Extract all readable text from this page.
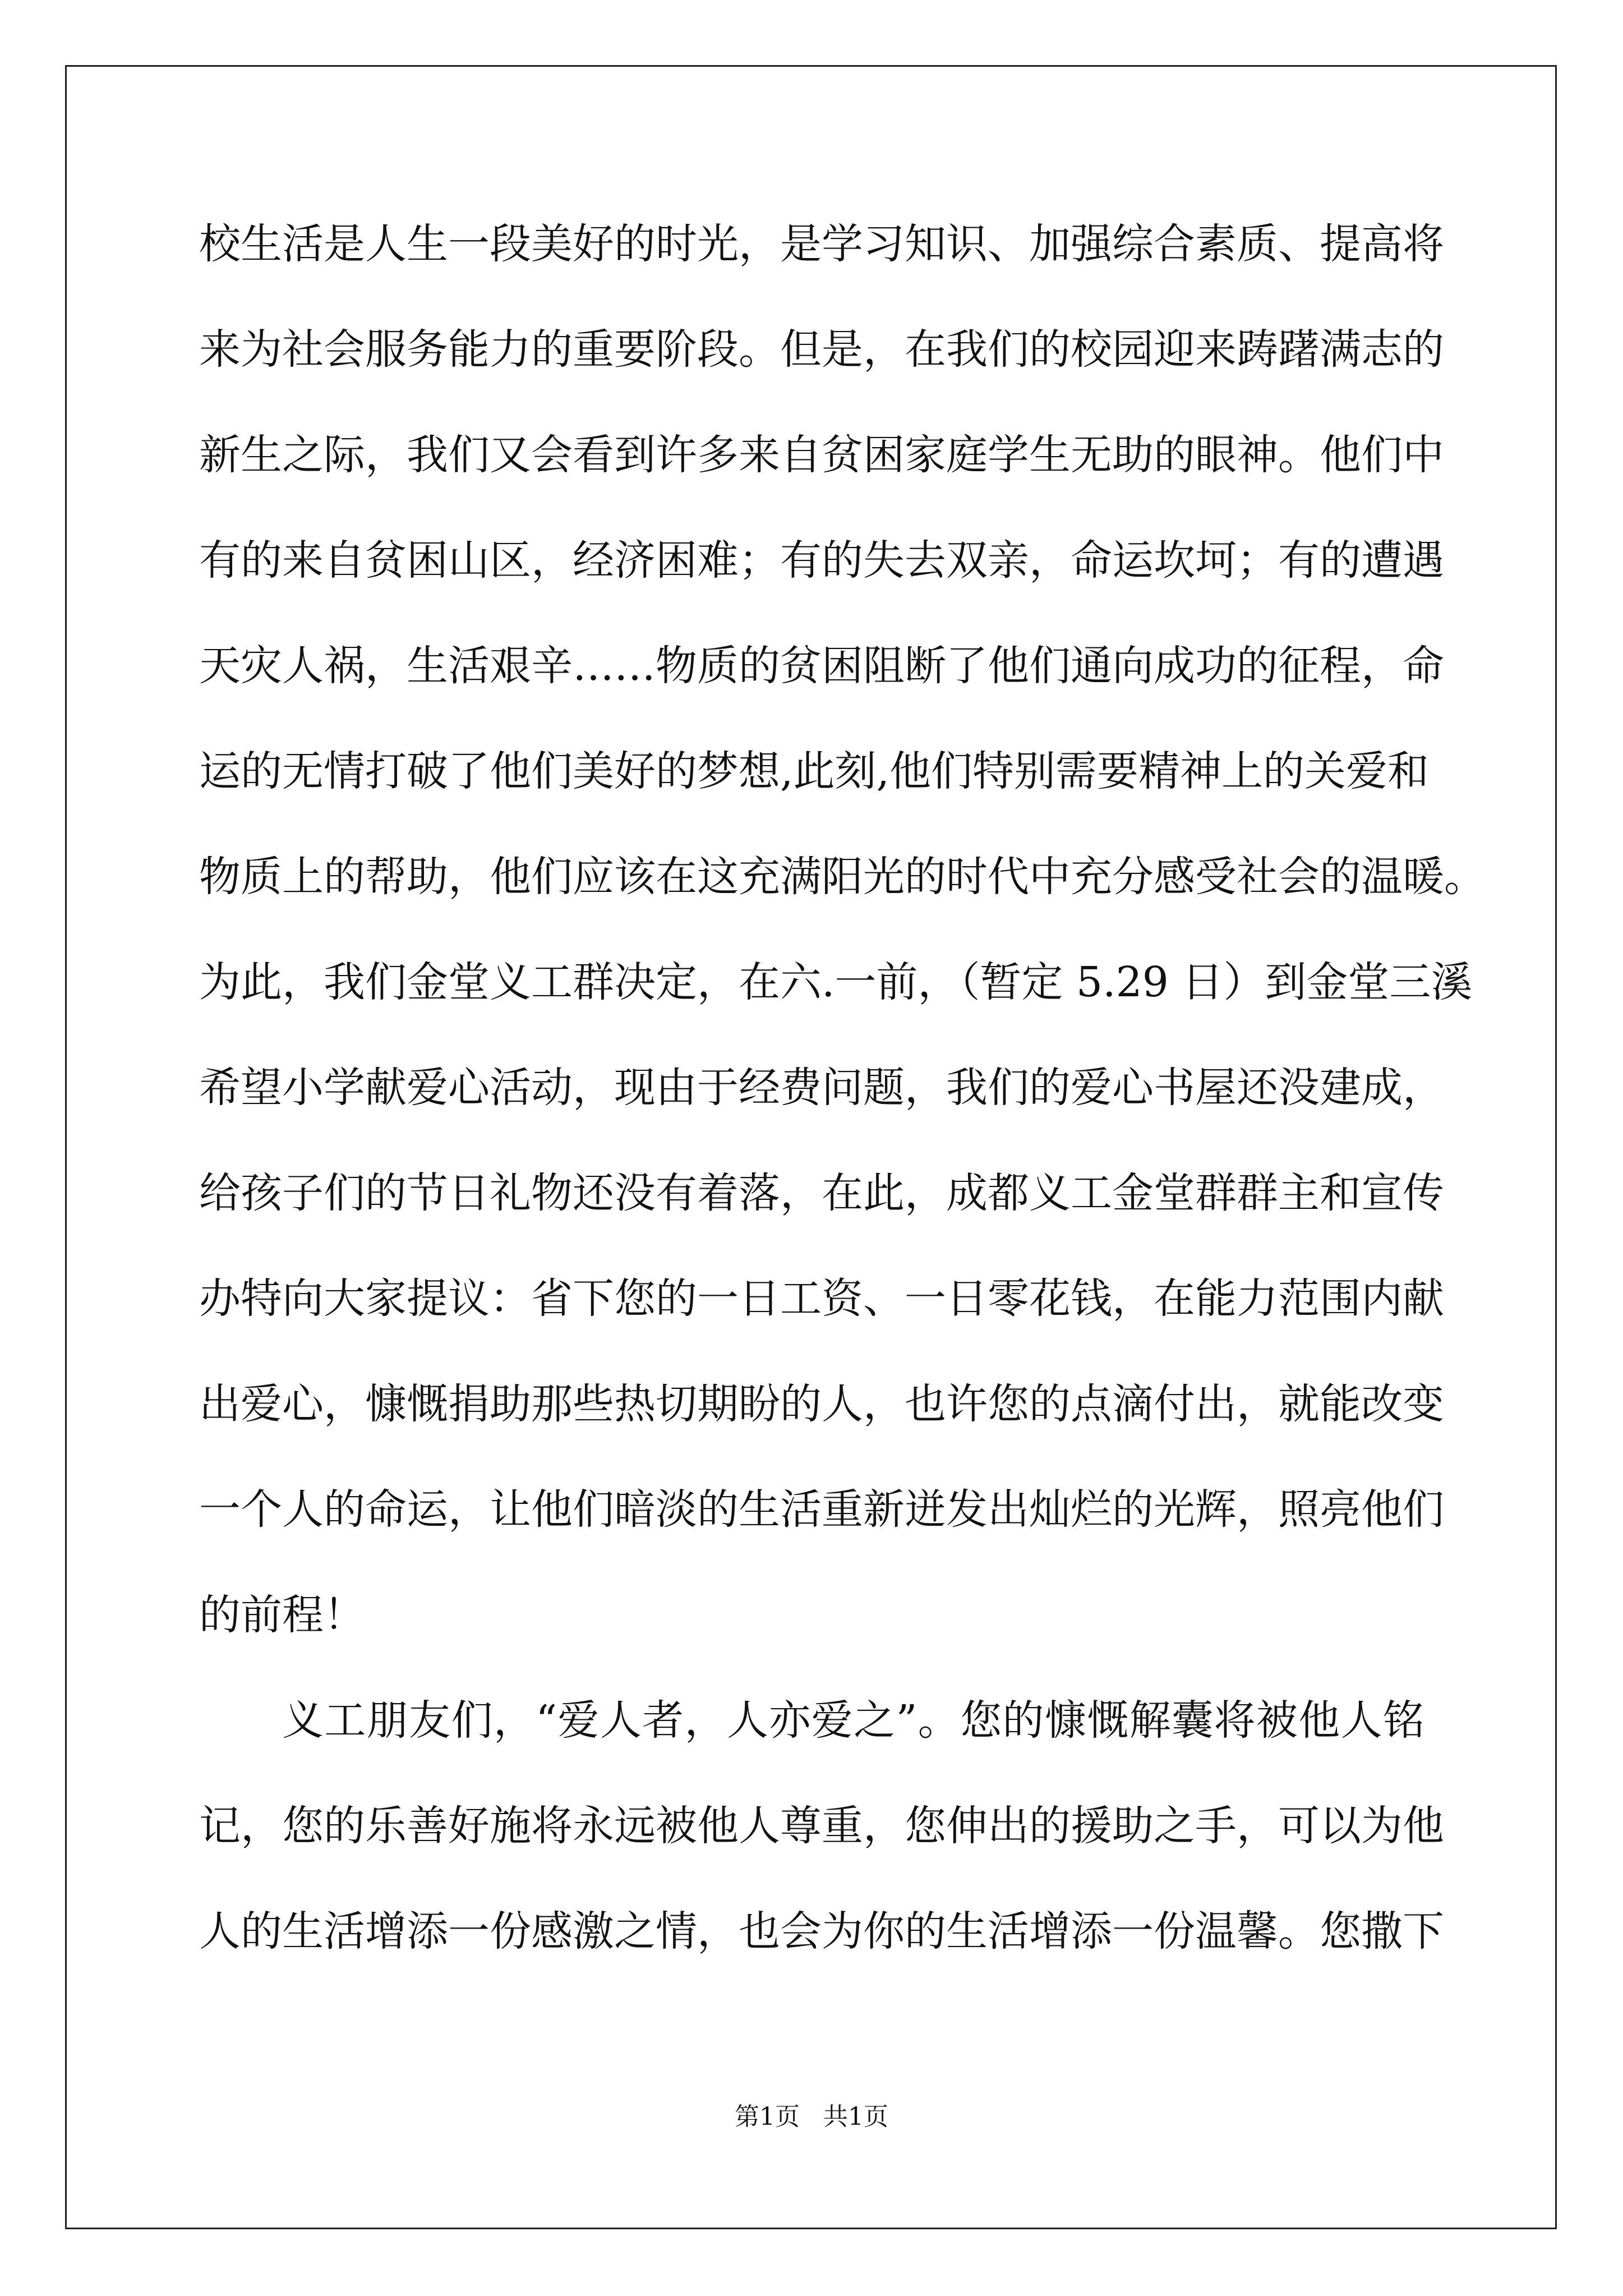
校生活是人生一段美好的时光，是学习知识、加强综合素质、提高将
来为社会服务能力的重要阶段。但是，在我们的校园迎来踌躇满志的
新生之际，我们又会看到许多来自贫困家庭学生无助的眼神。他们中
有的来自贫困山区，经济困难；有的失去双亲，命运坎坷；有的遭遇
天灾人祸，生活艰辛……物质的贫困阻断了他们通向成功的征程，命
运的无情打破了他们美好的梦想,此刻,他们特别需要精神上的关爱和
物质上的帮助，他们应该在这充满阳光的时代中充分感受社会的温暖。
为此，我们金堂义工群决定，在六.一前，（暂定 5.29 日）到金堂三溪
希望小学献爱心活动，现由于经费问题，我们的爱心书屋还没建成，
给孩子们的节日礼物还没有着落，在此，成都义工金堂群群主和宣传
办特向大家提议：省下您的一日工资、一日零花钱，在能力范围内献
出爱心，慷慨捐助那些热切期盼的人，也许您的点滴付出，就能改变
一个人的命运，让他们暗淡的生活重新迸发出灿烂的光辉，照亮他们
的前程！
义工朋友们，“爱人者，人亦爱之”。您的慷慨解囊将被他人铭
记，您的乐善好施将永远被他人尊重，您伸出的援助之手，可以为他
人的生活增添一份感激之情，也会为你的生活增添一份温馨。您撒下
第1页   共1页
